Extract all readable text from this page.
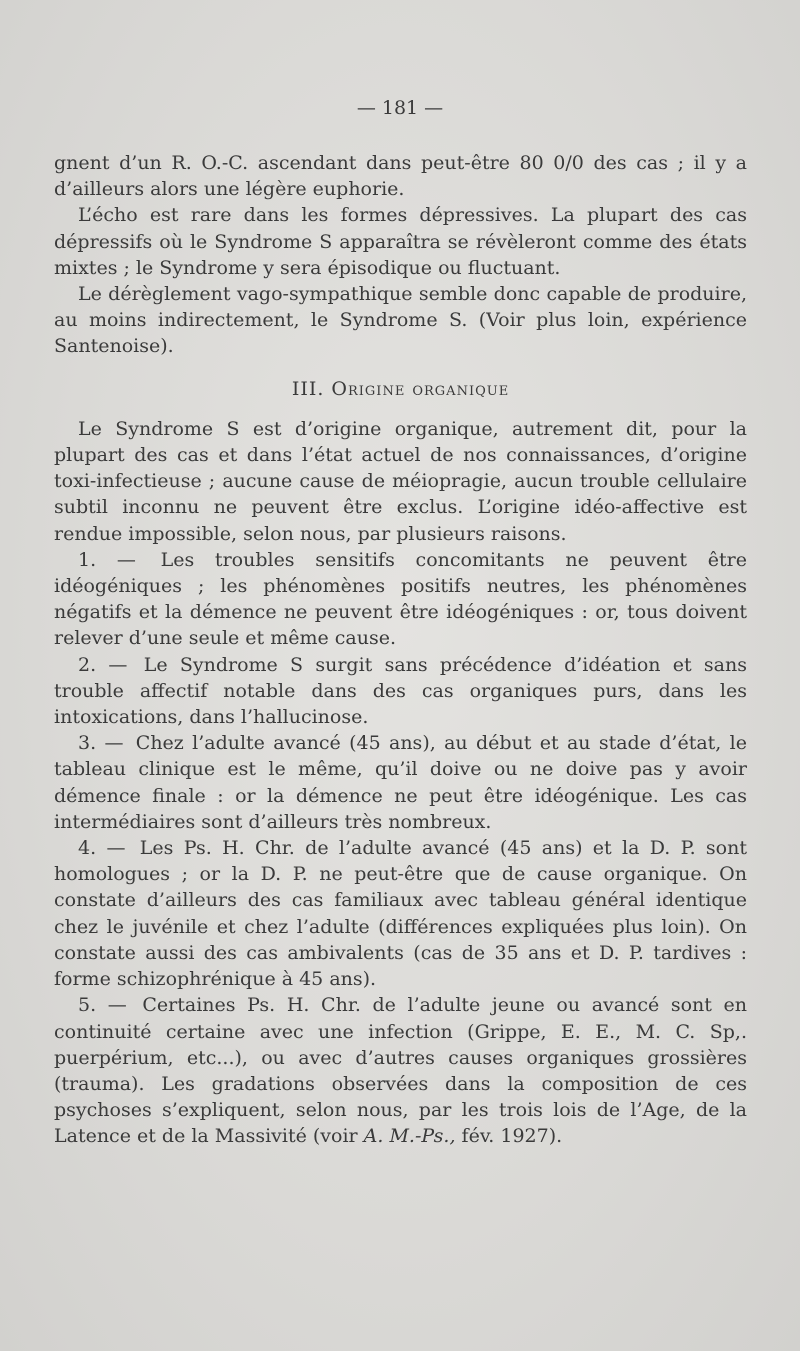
— 181 —

gnent d’un R. O.-C. ascendant dans peut-être 80 0/0 des cas ; il y a d’ailleurs alors une légère euphorie.

L’écho est rare dans les formes dépressives. La plupart des cas dépressifs où le Syndrome S apparaîtra se révèleront comme des états mixtes ; le Syndrome y sera épisodique ou fluctuant.

Le dérèglement vago-sympathique semble donc capable de produire, au moins indirectement, le Syndrome S. (Voir plus loin, expérience Santenoise).

III. Origine organique

Le Syndrome S est d’origine organique, autrement dit, pour la plupart des cas et dans l’état actuel de nos connaissances, d’origine toxi-infectieuse ; aucune cause de méiopragie, aucun trouble cellulaire subtil inconnu ne peuvent être exclus. L’origine idéo-affective est rendue impossible, selon nous, par plusieurs raisons.

1. — Les troubles sensitifs concomitants ne peuvent être idéogéniques ; les phénomènes positifs neutres, les phénomènes négatifs et la démence ne peuvent être idéogéniques : or, tous doivent relever d’une seule et même cause.

2. — Le Syndrome S surgit sans précédence d’idéation et sans trouble affectif notable dans des cas organiques purs, dans les intoxications, dans l’hallucinose.

3. — Chez l’adulte avancé (45 ans), au début et au stade d’état, le tableau clinique est le même, qu’il doive ou ne doive pas y avoir démence finale : or la démence ne peut être idéogénique. Les cas intermédiaires sont d’ailleurs très nombreux.

4. — Les Ps. H. Chr. de l’adulte avancé (45 ans) et la D. P. sont homologues ; or la D. P. ne peut-être que de cause organique. On constate d’ailleurs des cas familiaux avec tableau général identique chez le juvénile et chez l’adulte (différences expliquées plus loin). On constate aussi des cas ambivalents (cas de 35 ans et D. P. tardives : forme schizophrénique à 45 ans).

5. — Certaines Ps. H. Chr. de l’adulte jeune ou avancé sont en continuité certaine avec une infection (Grippe, E. E., M. C. Sp,. puerpérium, etc...), ou avec d’autres causes organiques grossières (trauma). Les gradations observées dans la composition de ces psychoses s’expliquent, selon nous, par les trois lois de l’Age, de la Latence et de la Massivité (voir A. M.-Ps., fév. 1927).
